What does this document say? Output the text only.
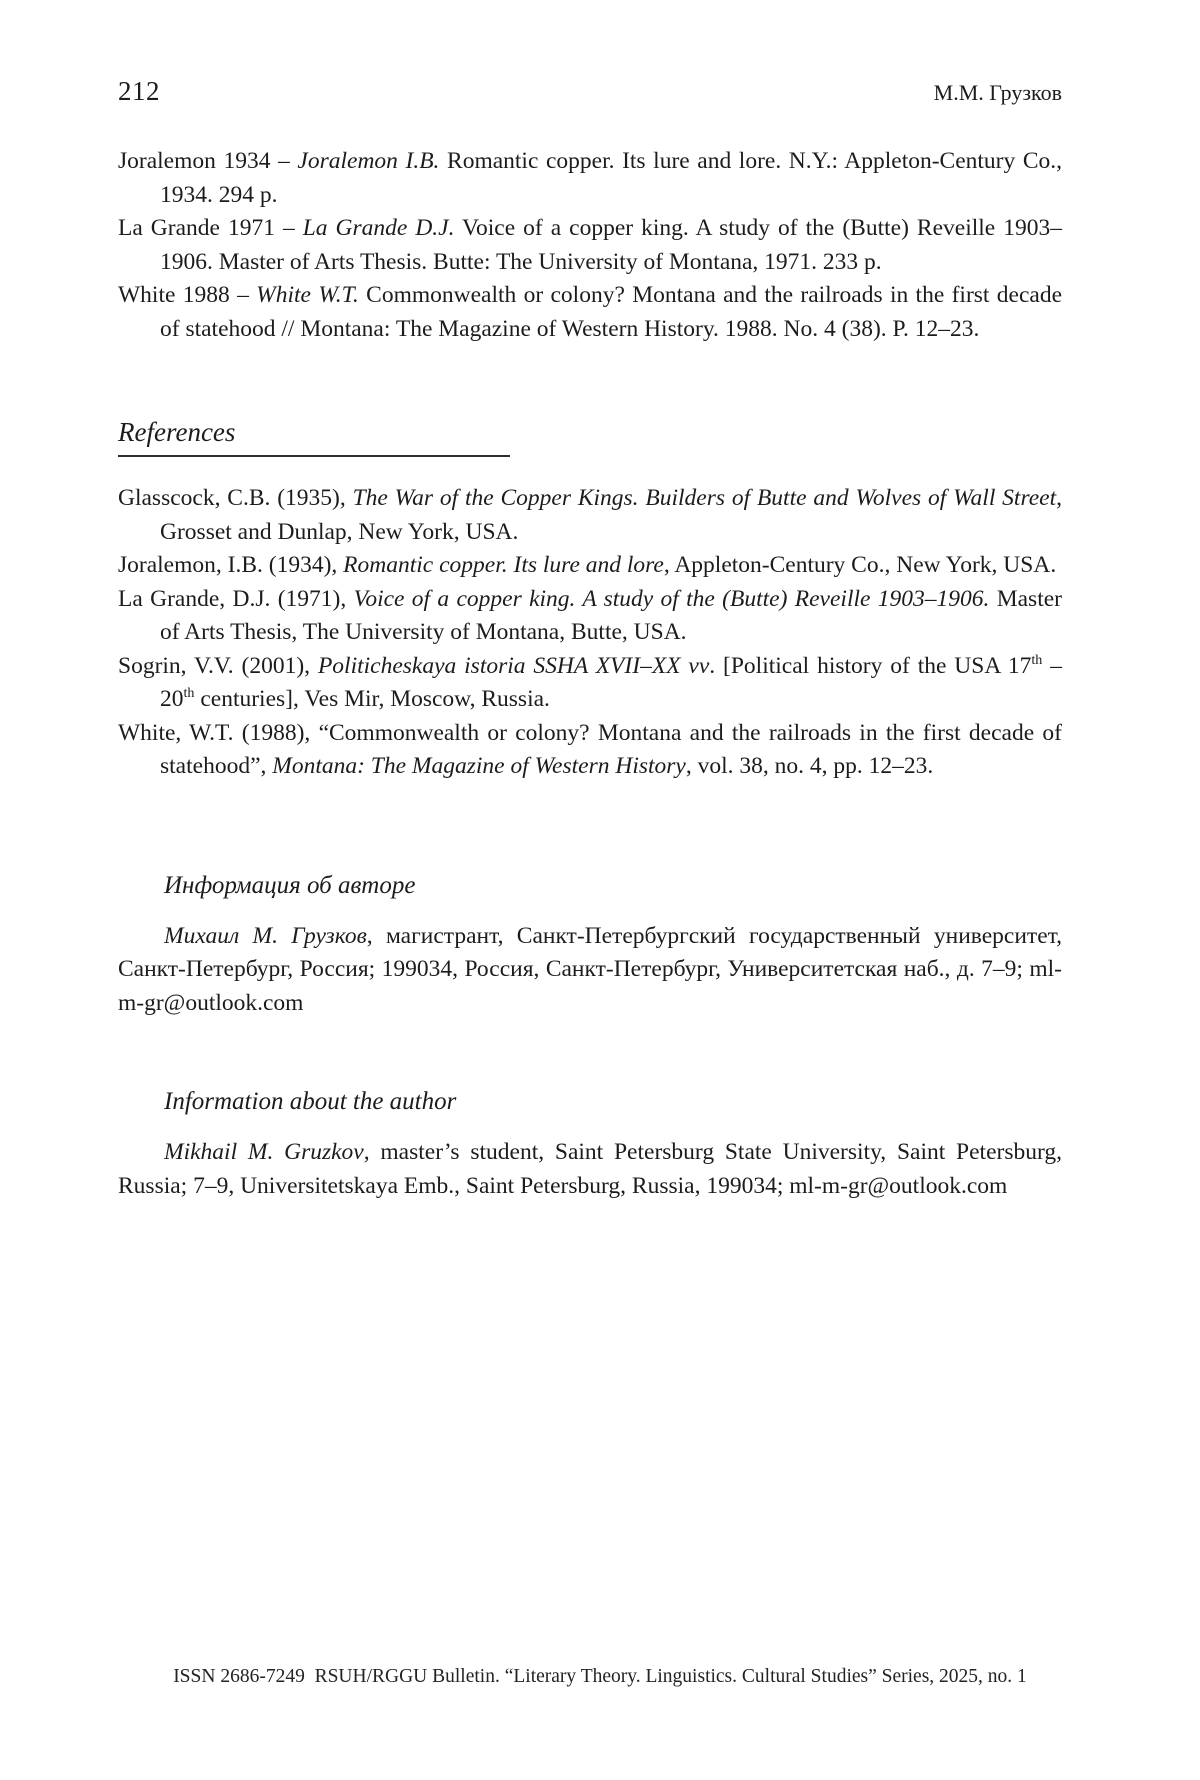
212	М.М. Грузков

Joralemon 1934 – Joralemon I.B. Romantic copper. Its lure and lore. N.Y.: Appleton-Century Co., 1934. 294 p.

La Grande 1971 – La Grande D.J. Voice of a copper king. A study of the (Butte) Reveille 1903–1906. Master of Arts Thesis. Butte: The University of Montana, 1971. 233 p.

White 1988 – White W.T. Commonwealth or colony? Montana and the railroads in the first decade of statehood // Montana: The Magazine of Western History. 1988. No. 4 (38). P. 12–23.

References

Glasscock, C.B. (1935), The War of the Copper Kings. Builders of Butte and Wolves of Wall Street, Grosset and Dunlap, New York, USA.

Joralemon, I.B. (1934), Romantic copper. Its lure and lore, Appleton-Century Co., New York, USA.

La Grande, D.J. (1971), Voice of a copper king. A study of the (Butte) Reveille 1903–1906. Master of Arts Thesis, The University of Montana, Butte, USA.

Sogrin, V.V. (2001), Politicheskaya istoria SSHA XVII–XX vv. [Political history of the USA 17th – 20th centuries], Ves Mir, Moscow, Russia.

White, W.T. (1988), “Commonwealth or colony? Montana and the railroads in the first decade of statehood”, Montana: The Magazine of Western History, vol. 38, no. 4, pp. 12–23.

Информация об авторе

Михаил М. Грузков, магистрант, Санкт-Петербургский государственный университет, Санкт-Петербург, Россия; 199034, Россия, Санкт-Петербург, Университетская наб., д. 7–9; ml-m-gr@outlook.com

Information about the author

Mikhail M. Gruzkov, master’s student, Saint Petersburg State University, Saint Petersburg, Russia; 7–9, Universitetskaya Emb., Saint Petersburg, Russia, 199034; ml-m-gr@outlook.com

ISSN 2686-7249 RSUH/RGGU Bulletin. “Literary Theory. Linguistics. Cultural Studies” Series, 2025, no. 1
